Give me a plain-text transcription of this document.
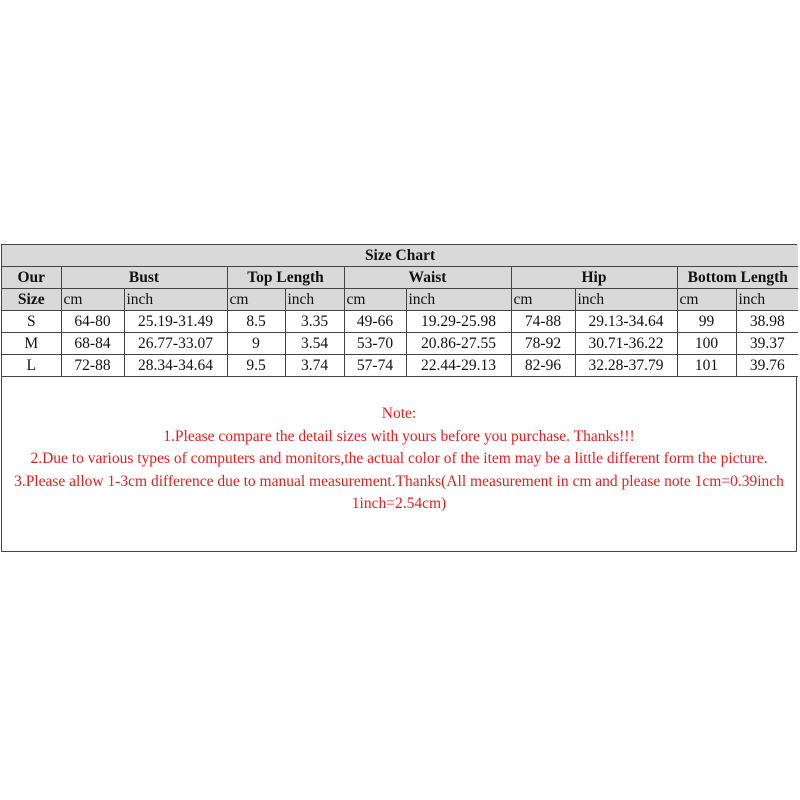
Size Chart										
Our	Bust		Top Length		Waist		Hip		Bottom Length	
Size	cm	inch	cm	inch	cm	inch	cm	inch	cm	inch
S	64-80	25.19-31.49	8.5	3.35	49-66	19.29-25.98	74-88	29.13-34.64	99	38.98
M	68-84	26.77-33.07	9	3.54	53-70	20.86-27.55	78-92	30.71-36.22	100	39.37
L	72-88	28.34-34.64	9.5	3.74	57-74	22.44-29.13	82-96	32.28-37.79	101	39.76
Note:
1.Please compare the detail sizes with yours before you purchase. Thanks!!!
2.Due to various types of computers and monitors,the actual color of the item may be a little different form the picture.
3.Please allow 1-3cm difference due to manual measurement.Thanks(All measurement in cm and please note 1cm=0.39inch 1inch=2.54cm)
